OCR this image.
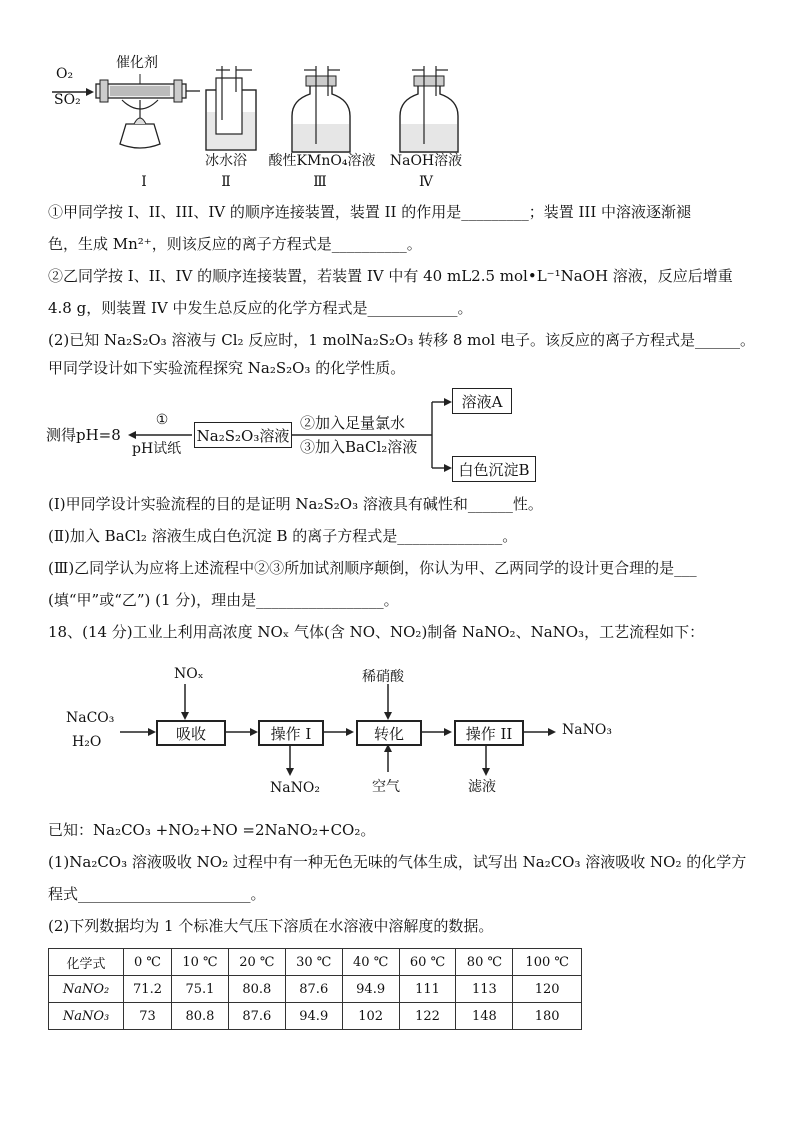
O₂
SO₂
催化剂
冰水浴	酸性KMnO₄溶液	NaOH溶液
Ⅰ	Ⅱ	Ⅲ	Ⅳ
①甲同学按 I、II、III、IV 的顺序连接装置，装置 II 的作用是_________；装置 III 中溶液逐渐褪
色，生成 Mn²⁺，则该反应的离子方程式是__________。
②乙同学按 I、II、IV 的顺序连接装置，若装置 IV 中有 40 mL2.5 mol•L⁻¹NaOH 溶液，反应后增重
4.8 g，则装置 IV 中发生总反应的化学方程式是____________。
(2)已知 Na₂S₂O₃ 溶液与 Cl₂ 反应时，1 molNa₂S₂O₃ 转移 8 mol 电子。该反应的离子方程式是______。
甲同学设计如下实验流程探究 Na₂S₂O₃ 的化学性质。
测得pH=8
①
pH试纸
Na₂S₂O₃溶液
②加入足量氯水
③加入BaCl₂溶液
溶液A
白色沉淀B
(Ⅰ)甲同学设计实验流程的目的是证明 Na₂S₂O₃ 溶液具有碱性和______性。
(Ⅱ)加入 BaCl₂ 溶液生成白色沉淀 B 的离子方程式是______________。
(Ⅲ)乙同学认为应将上述流程中②③所加试剂顺序颠倒，你认为甲、乙两同学的设计更合理的是___
(填“甲”或“乙”) (1 分)，理由是_________________。
18、(14 分)工业上利用高浓度 NOₓ 气体(含 NO、NO₂)制备 NaNO₂、NaNO₃，工艺流程如下：
NaCO₃
H₂O
NOₓ	稀硝酸
吸收	操作 I	转化	操作 II	NaNO₃
NaNO₂	空气	滤液
已知：Na₂CO₃ +NO₂+NO =2NaNO₂+CO₂。
(1)Na₂CO₃ 溶液吸收 NO₂ 过程中有一种无色无味的气体生成，试写出 Na₂CO₃ 溶液吸收 NO₂ 的化学方
程式_______________________。
(2)下列数据均为 1 个标准大气压下溶质在水溶液中溶解度的数据。
化学式	0 ℃	10 ℃	20 ℃	30 ℃	40 ℃	60 ℃	80 ℃	100 ℃
NaNO₂	71.2	75.1	80.8	87.6	94.9	111	113	120
NaNO₃	73	80.8	87.6	94.9	102	122	148	180
